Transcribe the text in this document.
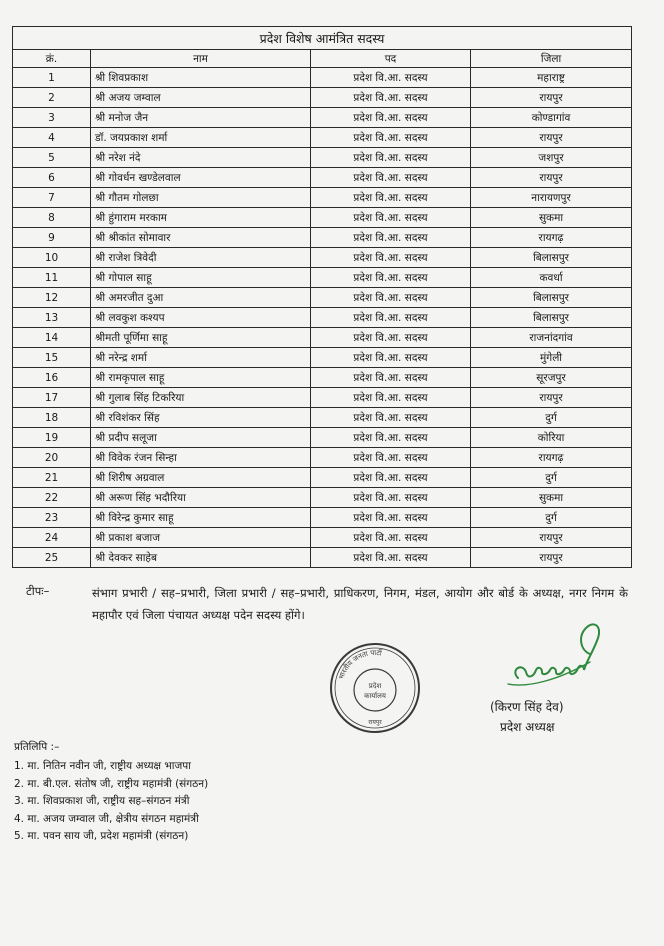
प्रदेश विशेष आमंत्रित सदस्य			
क्रं.	नाम	पद	जिला
1	श्री शिवप्रकाश	प्रदेश वि.आ. सदस्य	महाराष्ट्र
2	श्री अजय जम्वाल	प्रदेश वि.आ. सदस्य	रायपुर
3	श्री मनोज जैन	प्रदेश वि.आ. सदस्य	कोण्डागांव
4	डॉ. जयप्रकाश शर्मा	प्रदेश वि.आ. सदस्य	रायपुर
5	श्री नरेश नंदे	प्रदेश वि.आ. सदस्य	जशपुर
6	श्री गोवर्धन खण्डेलवाल	प्रदेश वि.आ. सदस्य	रायपुर
7	श्री गौतम गोलछा	प्रदेश वि.आ. सदस्य	नारायणपुर
8	श्री हुंगाराम मरकाम	प्रदेश वि.आ. सदस्य	सुकमा
9	श्री श्रीकांत सोमावार	प्रदेश वि.आ. सदस्य	रायगढ़
10	श्री राजेश त्रिवेदी	प्रदेश वि.आ. सदस्य	बिलासपुर
11	श्री गोपाल साहू	प्रदेश वि.आ. सदस्य	कवर्धा
12	श्री अमरजीत दुआ	प्रदेश वि.आ. सदस्य	बिलासपुर
13	श्री लवकुश कश्यप	प्रदेश वि.आ. सदस्य	बिलासपुर
14	श्रीमती पूर्णिमा साहू	प्रदेश वि.आ. सदस्य	राजनांदगांव
15	श्री नरेन्द्र शर्मा	प्रदेश वि.आ. सदस्य	मुंगेली
16	श्री रामकृपाल साहू	प्रदेश वि.आ. सदस्य	सूरजपुर
17	श्री गुलाब सिंह टिकरिया	प्रदेश वि.आ. सदस्य	रायपुर
18	श्री रविशंकर सिंह	प्रदेश वि.आ. सदस्य	दुर्ग
19	श्री प्रदीप सलूजा	प्रदेश वि.आ. सदस्य	कोरिया
20	श्री विवेक रंजन सिन्हा	प्रदेश वि.आ. सदस्य	रायगढ़
21	श्री शिरीष अग्रवाल	प्रदेश वि.आ. सदस्य	दुर्ग
22	श्री अरूण सिंह भदौरिया	प्रदेश वि.आ. सदस्य	सुकमा
23	श्री विरेन्द्र कुमार साहू	प्रदेश वि.आ. सदस्य	दुर्ग
24	श्री प्रकाश बजाज	प्रदेश वि.आ. सदस्य	रायपुर
25	श्री देवकर साहेब	प्रदेश वि.आ. सदस्य	रायपुर
टीपः–	संभाग प्रभारी / सह–प्रभारी, जिला प्रभारी / सह–प्रभारी, प्राधिकरण, निगम, मंडल, आयोग और बोर्ड के अध्यक्ष, नगर निगम के महापौर एवं जिला पंचायत अध्यक्ष पदेन सदस्य होंगे।
भारतीय जनता पार्टी
प्रदेश
कार्यालय
रायपुर
(किरण सिंह देव)
प्रदेश अध्यक्ष
प्रतिलिपि :–
1. मा. नितिन नवीन जी, राष्ट्रीय अध्यक्ष भाजपा
2. मा. बी.एल. संतोष जी, राष्ट्रीय महामंत्री (संगठन)
3. मा. शिवप्रकाश जी, राष्ट्रीय सह–संगठन मंत्री
4. मा. अजय जम्वाल जी, क्षेत्रीय संगठन महामंत्री
5. मा. पवन साय जी, प्रदेश महामंत्री (संगठन)
